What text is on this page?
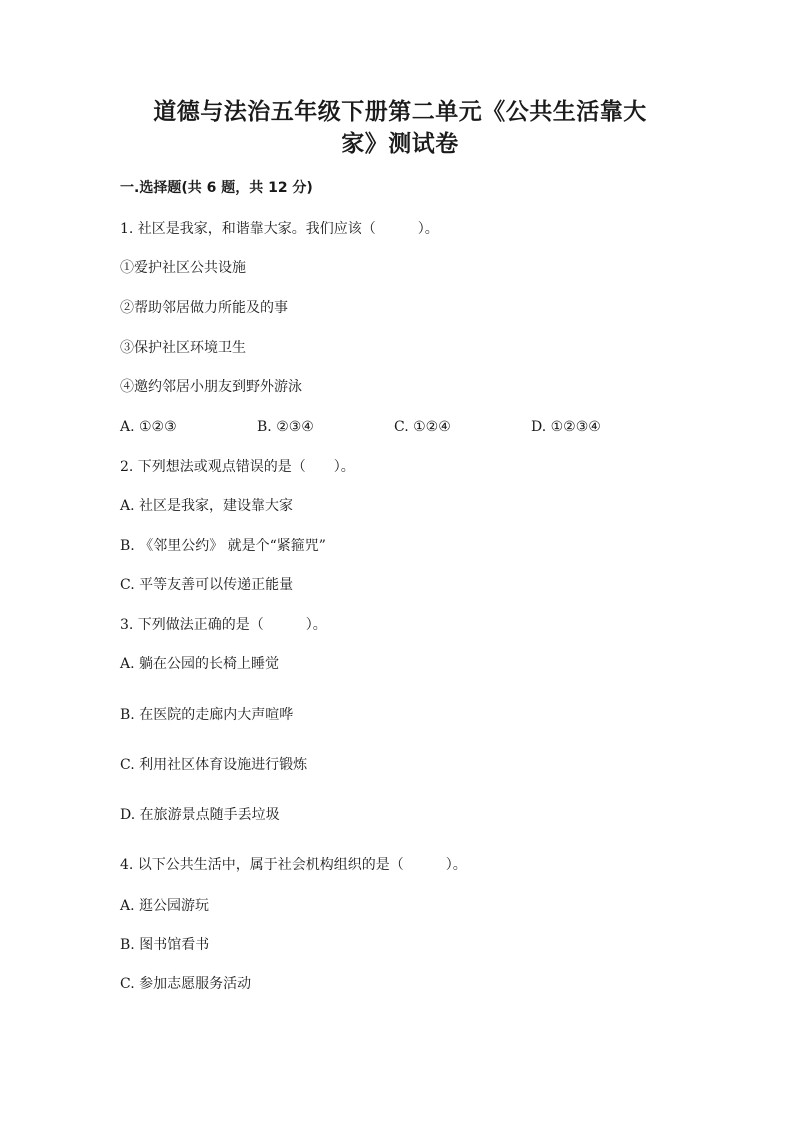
道德与法治五年级下册第二单元《公共生活靠大
家》测试卷
一.选择题(共 6 题，共 12 分)
1. 社区是我家，和谐靠大家。我们应该（　　　）。
①爱护社区公共设施
②帮助邻居做力所能及的事
③保护社区环境卫生
④邀约邻居小朋友到野外游泳
A. ①②③	B. ②③④	C. ①②④	D. ①②③④
2. 下列想法或观点错误的是（　　）。
A. 社区是我家，建设靠大家
B. 《邻里公约》 就是个“紧箍咒”
C. 平等友善可以传递正能量
3. 下列做法正确的是（　　　）。
A. 躺在公园的长椅上睡觉
B. 在医院的走廊内大声喧哗
C. 利用社区体育设施进行锻炼
D. 在旅游景点随手丢垃圾
4. 以下公共生活中，属于社会机构组织的是（　　　）。
A. 逛公园游玩
B. 图书馆看书
C. 参加志愿服务活动
